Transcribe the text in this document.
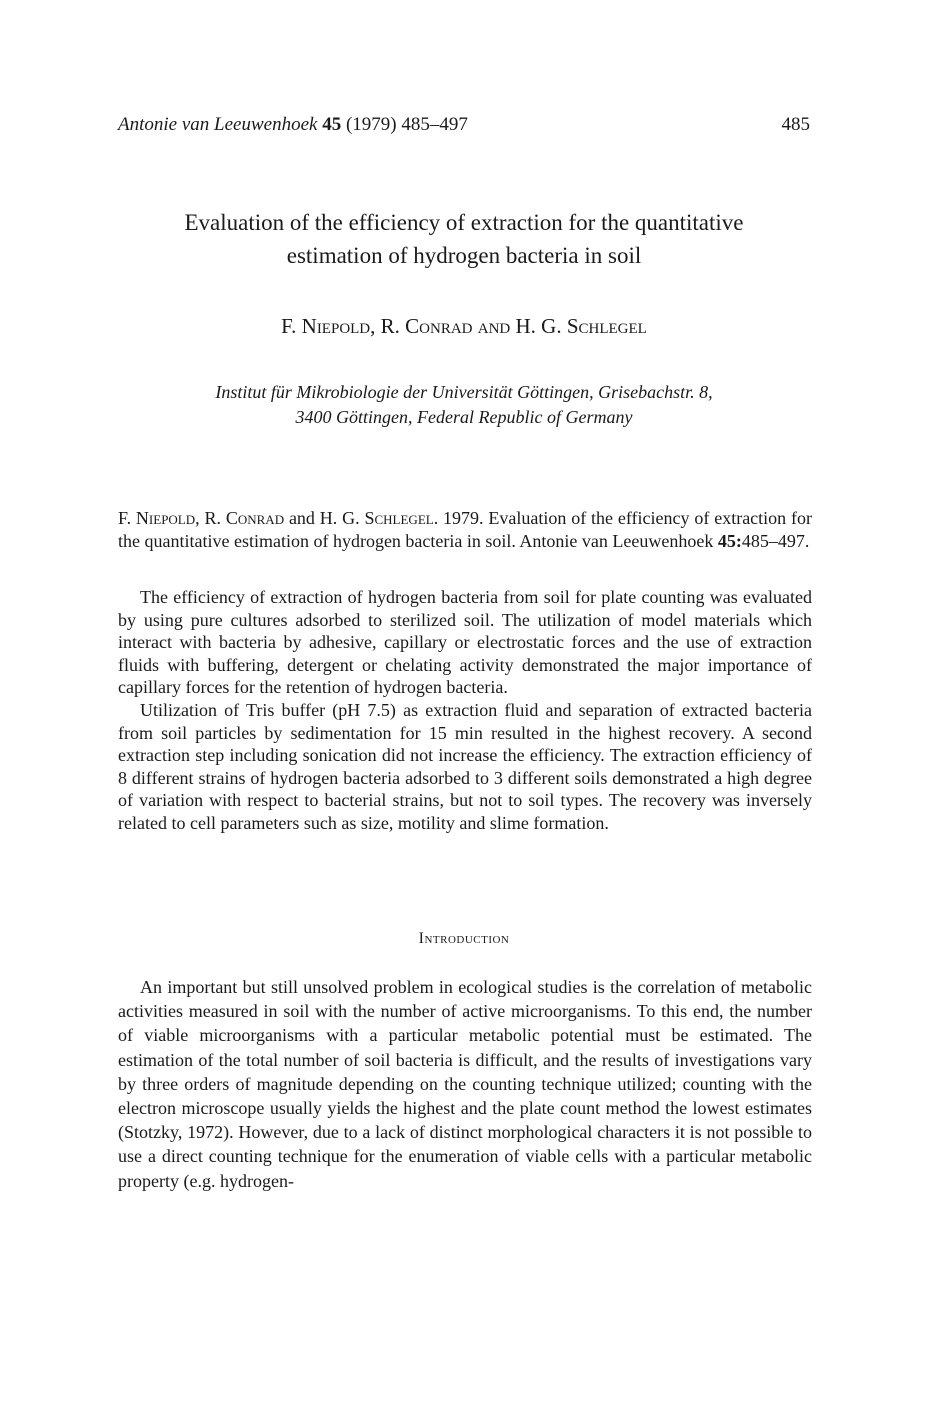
Antonie van Leeuwenhoek 45 (1979) 485–497	485
Evaluation of the efficiency of extraction for the quantitative
estimation of hydrogen bacteria in soil
F. Niepold, R. Conrad and H. G. Schlegel
Institut für Mikrobiologie der Universität Göttingen, Grisebachstr. 8,
3400 Göttingen, Federal Republic of Germany

F. Niepold, R. Conrad and H. G. Schlegel. 1979. Evaluation of the efficiency of extraction for the quantitative estimation of hydrogen bacteria in soil. Antonie van Leeuwenhoek 45:485–497.

The efficiency of extraction of hydrogen bacteria from soil for plate counting was evaluated by using pure cultures adsorbed to sterilized soil. The utilization of model materials which interact with bacteria by adhesive, capillary or electrostatic forces and the use of extraction fluids with buffering, detergent or chelating activity demonstrated the major importance of capillary forces for the retention of hydrogen bacteria.

Utilization of Tris buffer (pH 7.5) as extraction fluid and separation of extracted bacteria from soil particles by sedimentation for 15 min resulted in the highest recovery. A second extraction step including sonication did not increase the efficiency. The extraction efficiency of 8 different strains of hydrogen bacteria adsorbed to 3 different soils demonstrated a high degree of variation with respect to bacterial strains, but not to soil types. The recovery was inversely related to cell parameters such as size, motility and slime formation.

Introduction

An important but still unsolved problem in ecological studies is the correlation of metabolic activities measured in soil with the number of active microorganisms. To this end, the number of viable microorganisms with a particular metabolic potential must be estimated. The estimation of the total number of soil bacteria is difficult, and the results of investigations vary by three orders of magnitude depending on the counting technique utilized; counting with the electron microscope usually yields the highest and the plate count method the lowest estimates (Stotzky, 1972). However, due to a lack of distinct morphological characters it is not possible to use a direct counting technique for the enumeration of viable cells with a particular metabolic property (e.g. hydrogen-
